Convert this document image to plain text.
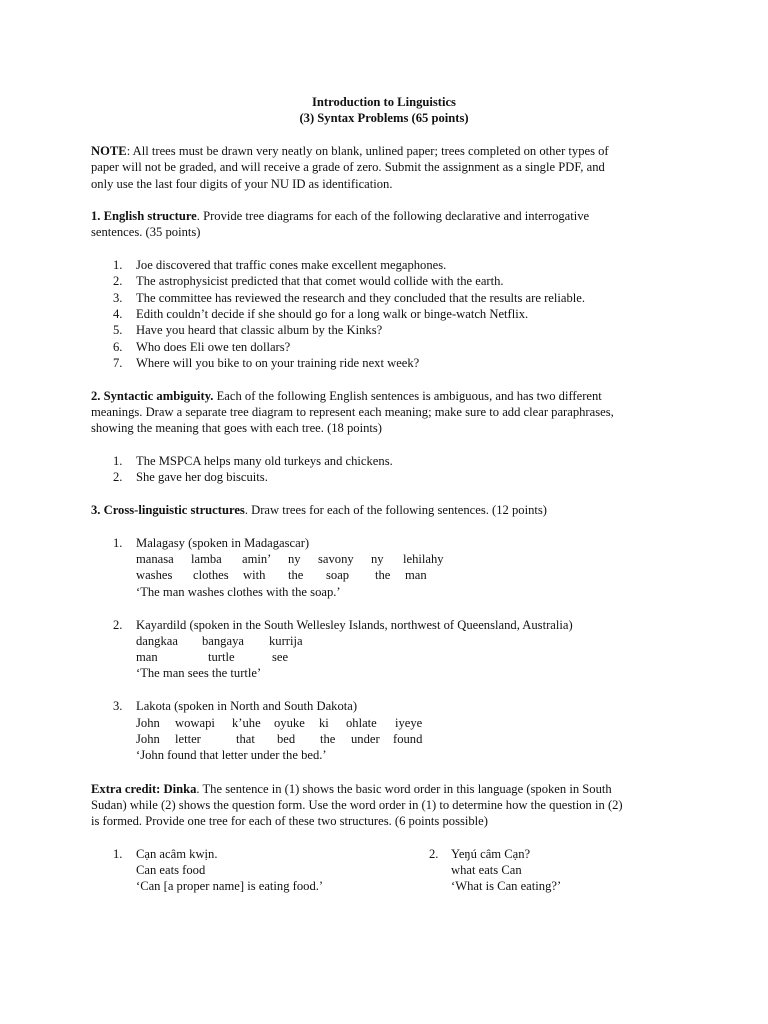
Introduction to Linguistics

(3) Syntax Problems (65 points)

NOTE: All trees must be drawn very neatly on blank, unlined paper; trees completed on other types of

paper will not be graded, and will receive a grade of zero. Submit the assignment as a single PDF, and

only use the last four digits of your NU ID as identification.

1. English structure. Provide tree diagrams for each of the following declarative and interrogative

sentences. (35 points)

1. Joe discovered that traffic cones make excellent megaphones.
2. The astrophysicist predicted that that comet would collide with the earth.
3. The committee has reviewed the research and they concluded that the results are reliable.
4. Edith couldn’t decide if she should go for a long walk or binge-watch Netflix.
5. Have you heard that classic album by the Kinks?
6. Who does Eli owe ten dollars?
7. Where will you bike to on your training ride next week?

2. Syntactic ambiguity. Each of the following English sentences is ambiguous, and has two different

meanings. Draw a separate tree diagram to represent each meaning; make sure to add clear paraphrases,

showing the meaning that goes with each tree. (18 points)

1. The MSPCA helps many old turkeys and chickens.
2. She gave her dog biscuits.

3. Cross-linguistic structures. Draw trees for each of the following sentences. (12 points)

1. Malagasy (spoken in Madagascar)
manasa lamba amin’ ny savony ny lehilahy
washes clothes with the soap the man
‘The man washes clothes with the soap.’
2. Kayardild (spoken in the South Wellesley Islands, northwest of Queensland, Australia)
dangkaa bangaya kurrija
man	turtle	see
‘The man sees the turtle’
3. Lakota (spoken in North and South Dakota)
John wowapi k’uhe oyuke ki ohlate iyeye
John letter	that bed the under found
‘John found that letter under the bed.’

Extra credit: Dinka. The sentence in (1) shows the basic word order in this language (spoken in South

Sudan) while (2) shows the question form. Use the word order in (1) to determine how the question in (2)

is formed. Provide one tree for each of these two structures. (6 points possible)

1. Cạn acâm kwịn.
Can eats food
‘Can [a proper name] is eating food.’
2. Yeŋú câm Cạn?
what eats Can
‘What is Can eating?’
